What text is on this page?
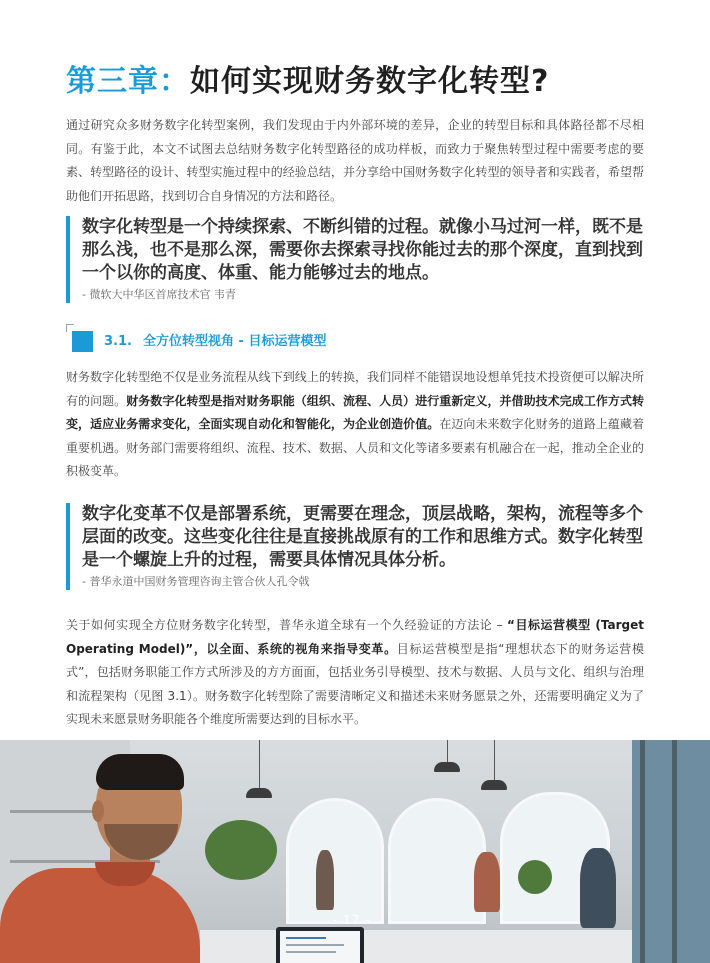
第三章：如何实现财务数字化转型?

通过研究众多财务数字化转型案例，我们发现由于内外部环境的差异，企业的转型目标和具体路径都不尽相同。有鉴于此，本文不试图去总结财务数字化转型路径的成功样板，而致力于聚焦转型过程中需要考虑的要素、转型路径的设计、转型实施过程中的经验总结，并分享给中国财务数字化转型的领导者和实践者，希望帮助他们开拓思路，找到切合自身情况的方法和路径。

数字化转型是一个持续探索、不断纠错的过程。就像小马过河一样，既不是那么浅，也不是那么深，需要你去探索寻找你能过去的那个深度，直到找到一个以你的高度、体重、能力能够过去的地点。

- 微软大中华区首席技术官 韦青

3.1. 全方位转型视角 - 目标运营模型

财务数字化转型绝不仅是业务流程从线下到线上的转换，我们同样不能错误地设想单凭技术投资便可以解决所有的问题。财务数字化转型是指对财务职能（组织、流程、人员）进行重新定义，并借助技术完成工作方式转变，适应业务需求变化，全面实现自动化和智能化，为企业创造价值。在迈向未来数字化财务的道路上蕴藏着重要机遇。财务部门需要将组织、流程、技术、数据、人员和文化等诸多要素有机融合在一起，推动全企业的积极变革。

数字化变革不仅是部署系统，更需要在理念，顶层战略，架构，流程等多个层面的改变。这些变化往往是直接挑战原有的工作和思维方式。数字化转型是一个螺旋上升的过程，需要具体情况具体分析。

- 普华永道中国财务管理咨询主管合伙人孔令戟

关于如何实现全方位财务数字化转型，普华永道全球有一个久经验证的方法论 – “目标运营模型 (Target Operating Model)”，以全面、系统的视角来指导变革。目标运营模型是指“理想状态下的财务运营模式”，包括财务职能工作方式所涉及的方方面面，包括业务引导模型、技术与数据、人员与文化、组织与治理和流程架构（见图 3.1）。财务数字化转型除了需要清晰定义和描述未来财务愿景之外，还需要明确定义为了实现未来愿景财务职能各个维度所需要达到的目标水平。

- 17 -
